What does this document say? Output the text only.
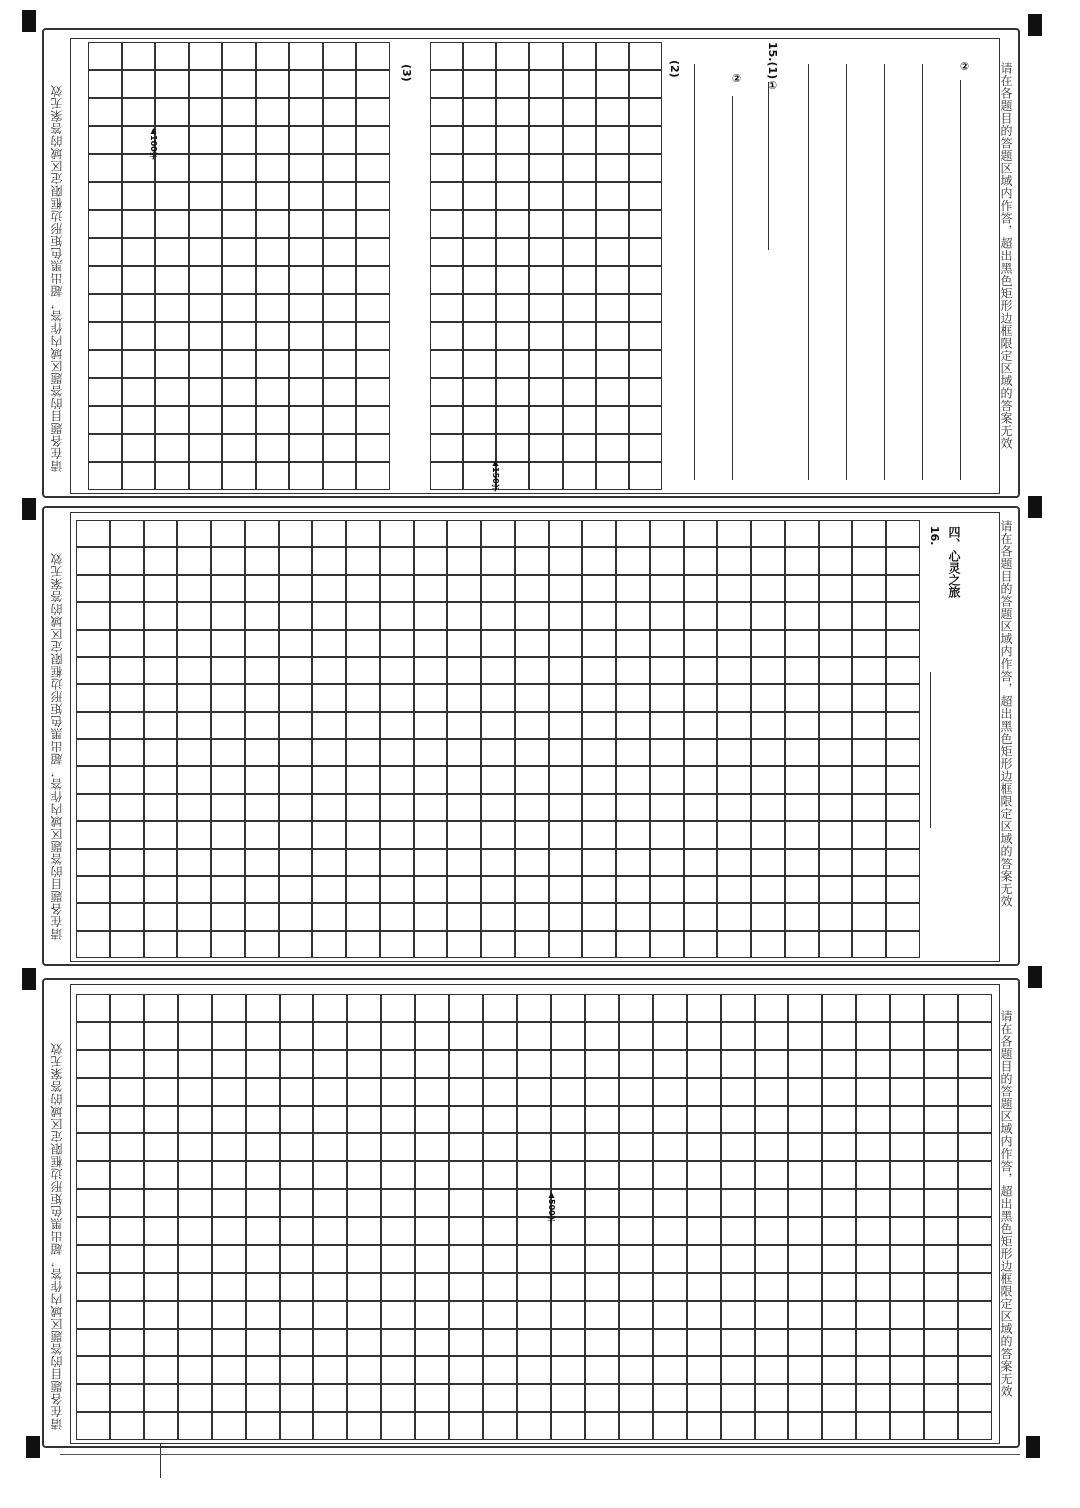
请在各题目的答题区域内作答，超出黑色矩形边框限定区域的答案无效
请在各题目的答题区域内作答，超出黑色矩形边框限定区域的答案无效
15.(1)①	②
②
(2)
(3)
▲ 100字
▲ 150字
请在各题目的答题区域内作答，超出黑色矩形边框限定区域的答案无效
请在各题目的答题区域内作答，超出黑色矩形边框限定区域的答案无效	四、心灵之旅
16.
请在各题目的答题区域内作答，超出黑色矩形边框限定区域的答案无效
请在各题目的答题区域内作答，超出黑色矩形边框限定区域的答案无效
▲	500字
